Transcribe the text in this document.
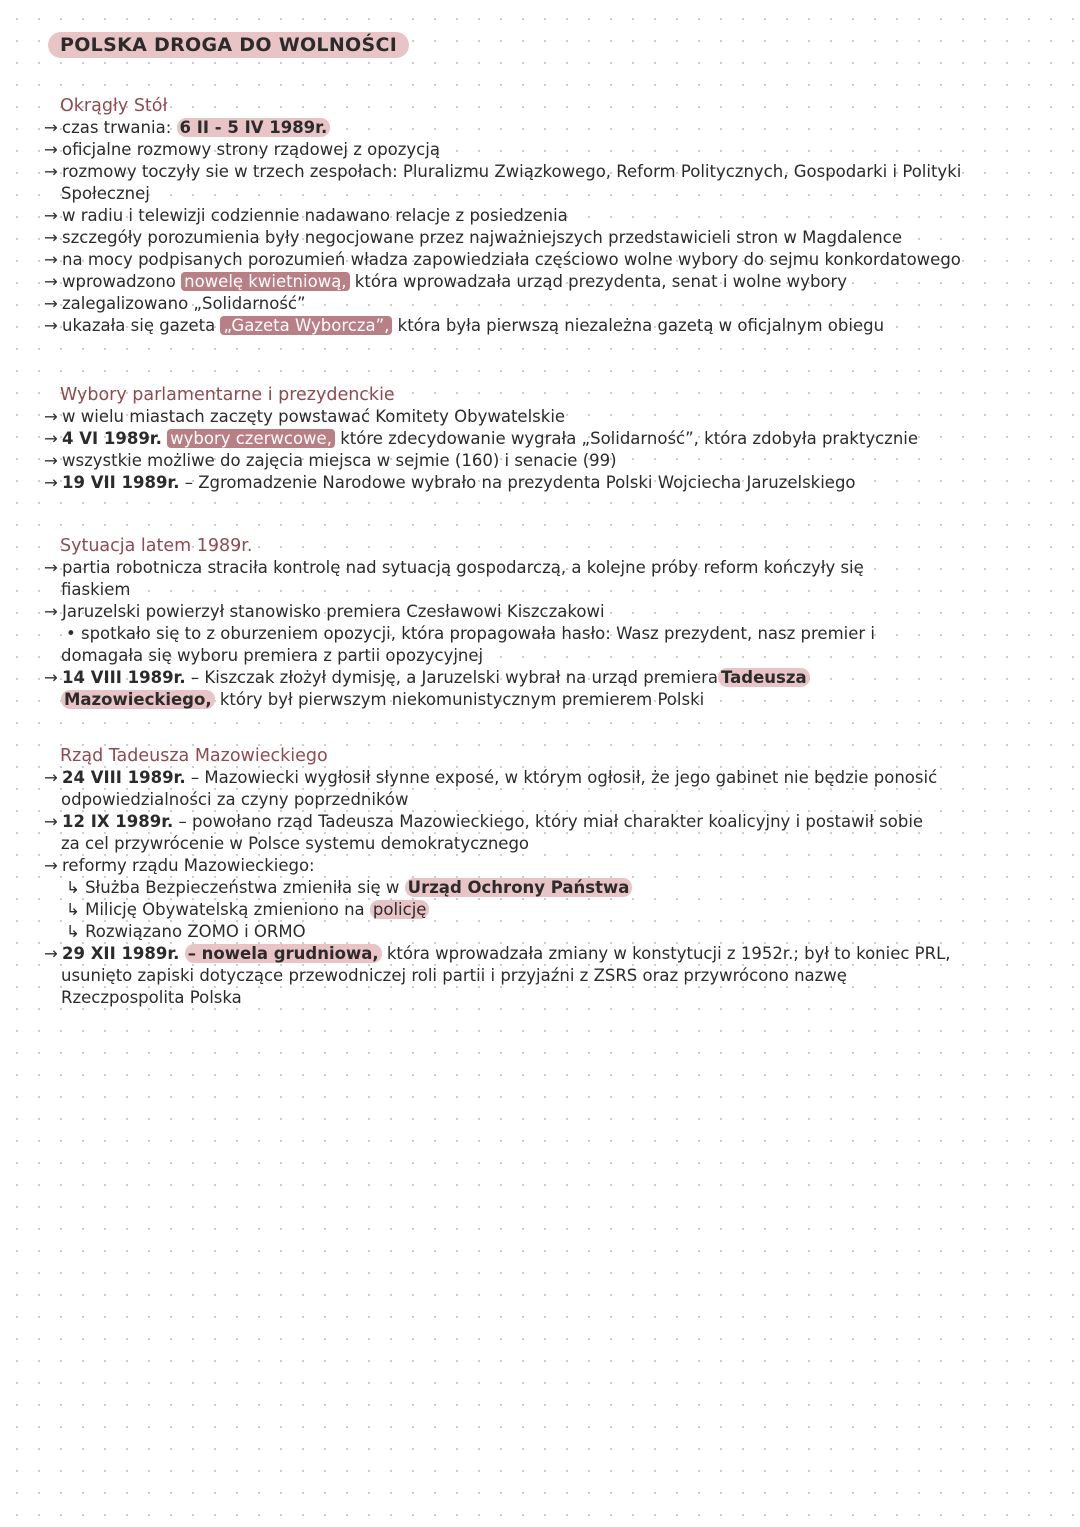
POLSKA DROGA DO WOLNOŚCI
Okrągły Stół
→ czas trwania: 6 II - 5 IV 1989r.
→ oficjalne rozmowy strony rządowej z opozycją
→ rozmowy toczyły sie w trzech zespołach: Pluralizmu Związkowego, Reform Politycznych, Gospodarki i Polityki
Społecznej
→ w radiu i telewizji codziennie nadawano relacje z posiedzenia
→ szczegóły porozumienia były negocjowane przez najważniejszych przedstawicieli stron w Magdalence
→ na mocy podpisanych porozumień władza zapowiedziała częściowo wolne wybory do sejmu konkordatowego
→ wprowadzono nowelę kwietniową, która wprowadzała urząd prezydenta, senat i wolne wybory
→ zalegalizowano „Solidarność”
→ ukazała się gazeta „Gazeta Wyborcza”, która była pierwszą niezależna gazetą w oficjalnym obiegu
Wybory parlamentarne i prezydenckie
→ w wielu miastach zaczęty powstawać Komitety Obywatelskie
→ 4 VI 1989r. wybory czerwcowe, które zdecydowanie wygrała „Solidarność”, która zdobyła praktycznie
→ wszystkie możliwe do zajęcia miejsca w sejmie (160) i senacie (99)
→ 19 VII 1989r. – Zgromadzenie Narodowe wybrało na prezydenta Polski Wojciecha Jaruzelskiego
Sytuacja latem 1989r.
→ partia robotnicza straciła kontrolę nad sytuacją gospodarczą, a kolejne próby reform kończyły się
fiaskiem
→ Jaruzelski powierzył stanowisko premiera Czesławowi Kiszczakowi
• spotkało się to z oburzeniem opozycji, która propagowała hasło: Wasz prezydent, nasz premier i
domagała się wyboru premiera z partii opozycyjnej
→ 14 VIII 1989r. – Kiszczak złożył dymisję, a Jaruzelski wybrał na urząd premiera Tadeusza
Mazowieckiego, który był pierwszym niekomunistycznym premierem Polski
Rząd Tadeusza Mazowieckiego
→ 24 VIII 1989r. – Mazowiecki wygłosił słynne exposé, w którym ogłosił, że jego gabinet nie będzie ponosić
odpowiedzialności za czyny poprzedników
→ 12 IX 1989r. – powołano rząd Tadeusza Mazowieckiego, który miał charakter koalicyjny i postawił sobie
za cel przywrócenie w Polsce systemu demokratycznego
→ reformy rządu Mazowieckiego:
↳ Służba Bezpieczeństwa zmieniła się w Urząd Ochrony Państwa
↳ Milicję Obywatelską zmieniono na policję
↳ Rozwiązano ZOMO i ORMO
→ 29 XII 1989r. – nowela grudniowa, która wprowadzała zmiany w konstytucji z 1952r.; był to koniec PRL,
usunięto zapiski dotyczące przewodniczej roli partii i przyjaźni z ZSRS oraz przywrócono nazwę
Rzeczpospolita Polska
